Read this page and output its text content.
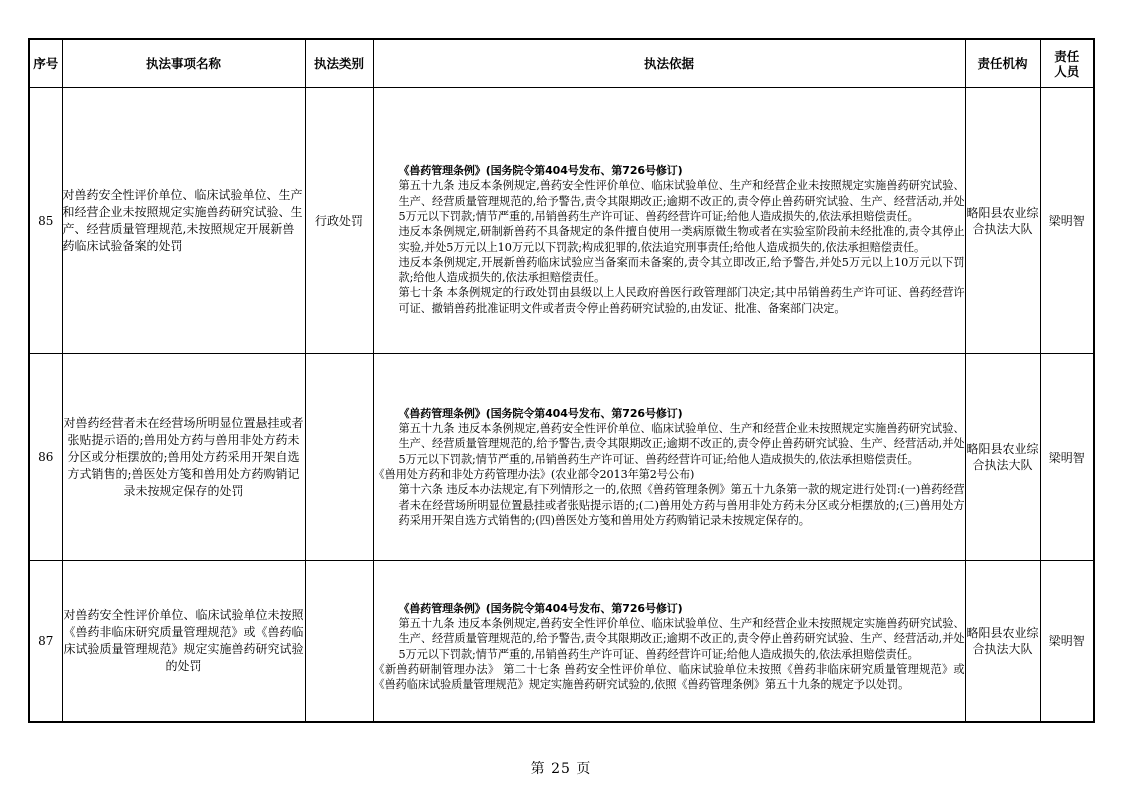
序号	执法事项名称	执法类别	执法依据	责任机构	责任
人员
85	对兽药安全性评价单位、临床试验单位、生产和经营企业未按照规定实施兽药研究试验、生产、经营质量管理规范,未按照规定开展新兽药临床试验备案的处罚	行政处罚	《兽药管理条例》(国务院令第404号发布、第726号修订)
第五十九条 违反本条例规定,兽药安全性评价单位、临床试验单位、生产和经营企业未按照规定实施兽药研究试验、生产、经营质量管理规范的,给予警告,责令其限期改正;逾期不改正的,责令停止兽药研究试验、生产、经营活动,并处5万元以下罚款;情节严重的,吊销兽药生产许可证、兽药经营许可证;给他人造成损失的,依法承担赔偿责任。
违反本条例规定,研制新兽药不具备规定的条件擅自使用一类病原微生物或者在实验室阶段前未经批准的,责令其停止实验,并处5万元以上10万元以下罚款;构成犯罪的,依法追究刑事责任;给他人造成损失的,依法承担赔偿责任。
违反本条例规定,开展新兽药临床试验应当备案而未备案的,责令其立即改正,给予警告,并处5万元以上10万元以下罚款;给他人造成损失的,依法承担赔偿责任。
第七十条 本条例规定的行政处罚由县级以上人民政府兽医行政管理部门决定;其中吊销兽药生产许可证、兽药经营许可证、撤销兽药批准证明文件或者责令停止兽药研究试验的,由发证、批准、备案部门决定。	略阳县农业综合执法大队	梁明智
86	对兽药经营者未在经营场所明显位置悬挂或者张贴提示语的;兽用处方药与兽用非处方药未分区或分柜摆放的;兽用处方药采用开架自选方式销售的;兽医处方笺和兽用处方药购销记录未按规定保存的处罚		《兽药管理条例》(国务院令第404号发布、第726号修订)
第五十九条 违反本条例规定,兽药安全性评价单位、临床试验单位、生产和经营企业未按照规定实施兽药研究试验、生产、经营质量管理规范的,给予警告,责令其限期改正;逾期不改正的,责令停止兽药研究试验、生产、经营活动,并处5万元以下罚款;情节严重的,吊销兽药生产许可证、兽药经营许可证;给他人造成损失的,依法承担赔偿责任。
《兽用处方药和非处方药管理办法》(农业部令2013年第2号公布)
第十六条 违反本办法规定,有下列情形之一的,依照《兽药管理条例》第五十九条第一款的规定进行处罚:(一)兽药经营者未在经营场所明显位置悬挂或者张贴提示语的;(二)兽用处方药与兽用非处方药未分区或分柜摆放的;(三)兽用处方药采用开架自选方式销售的;(四)兽医处方笺和兽用处方药购销记录未按规定保存的。	略阳县农业综合执法大队	梁明智
87	对兽药安全性评价单位、临床试验单位未按照《兽药非临床研究质量管理规范》或《兽药临床试验质量管理规范》规定实施兽药研究试验的处罚		《兽药管理条例》(国务院令第404号发布、第726号修订)
第五十九条 违反本条例规定,兽药安全性评价单位、临床试验单位、生产和经营企业未按照规定实施兽药研究试验、生产、经营质量管理规范的,给予警告,责令其限期改正;逾期不改正的,责令停止兽药研究试验、生产、经营活动,并处5万元以下罚款;情节严重的,吊销兽药生产许可证、兽药经营许可证;给他人造成损失的,依法承担赔偿责任。
《新兽药研制管理办法》 第二十七条 兽药安全性评价单位、临床试验单位未按照《兽药非临床研究质量管理规范》或《兽药临床试验质量管理规范》规定实施兽药研究试验的,依照《兽药管理条例》第五十九条的规定予以处罚。	略阳县农业综合执法大队	梁明智
第 25 页
